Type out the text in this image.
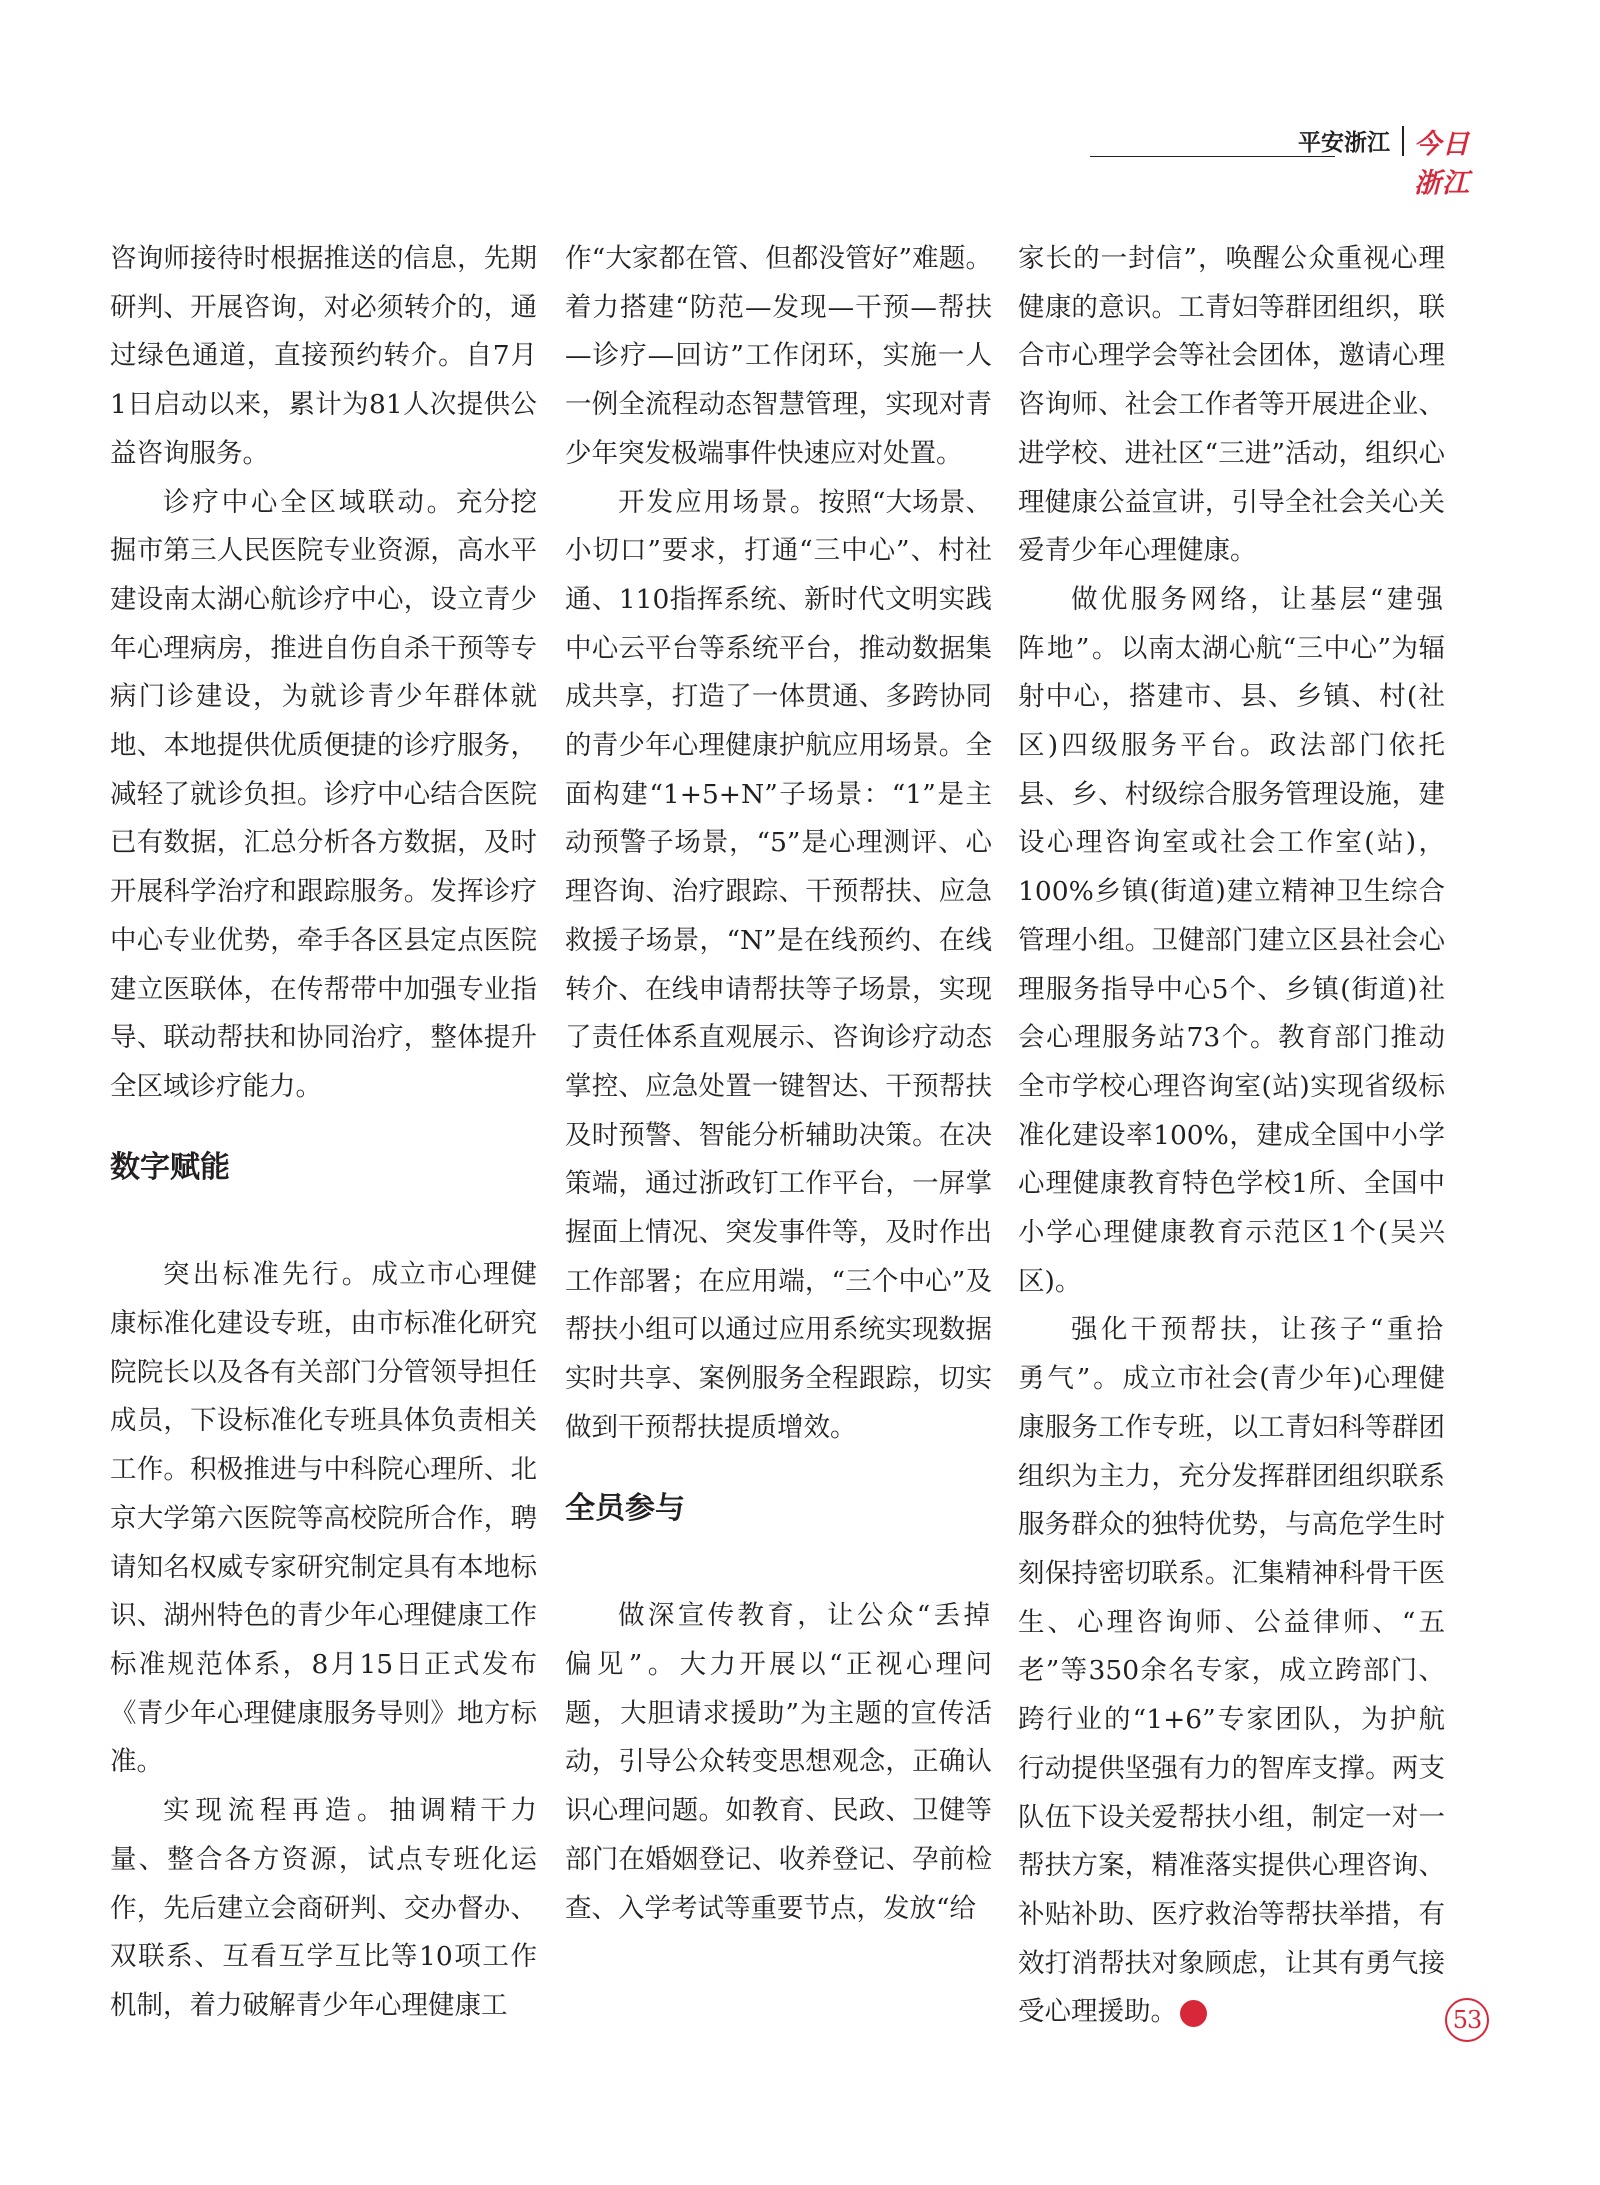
平安浙江 今日浙江

咨询师接待时根据推送的信息，先期研判、开展咨询，对必须转介的，通过绿色通道，直接预约转介。自7月1日启动以来，累计为81人次提供公益咨询服务。

诊疗中心全区域联动。充分挖掘市第三人民医院专业资源，高水平建设南太湖心航诊疗中心，设立青少年心理病房，推进自伤自杀干预等专病门诊建设，为就诊青少年群体就地、本地提供优质便捷的诊疗服务，减轻了就诊负担。诊疗中心结合医院已有数据，汇总分析各方数据，及时开展科学治疗和跟踪服务。发挥诊疗中心专业优势，牵手各区县定点医院建立医联体，在传帮带中加强专业指导、联动帮扶和协同治疗，整体提升全区域诊疗能力。

数字赋能

突出标准先行。成立市心理健康标准化建设专班，由市标准化研究院院长以及各有关部门分管领导担任成员，下设标准化专班具体负责相关工作。积极推进与中科院心理所、北京大学第六医院等高校院所合作，聘请知名权威专家研究制定具有本地标识、湖州特色的青少年心理健康工作标准规范体系，8月15日正式发布《青少年心理健康服务导则》地方标准。

实现流程再造。抽调精干力量、整合各方资源，试点专班化运作，先后建立会商研判、交办督办、双联系、互看互学互比等10项工作机制，着力破解青少年心理健康工

作“大家都在管、但都没管好”难题。着力搭建“防范—发现—干预—帮扶—诊疗—回访”工作闭环，实施一人一例全流程动态智慧管理，实现对青少年突发极端事件快速应对处置。

开发应用场景。按照“大场景、小切口”要求，打通“三中心”、村社通、110指挥系统、新时代文明实践中心云平台等系统平台，推动数据集成共享，打造了一体贯通、多跨协同的青少年心理健康护航应用场景。全面构建“1+5+N”子场景：“1”是主动预警子场景，“5”是心理测评、心理咨询、治疗跟踪、干预帮扶、应急救援子场景，“N”是在线预约、在线转介、在线申请帮扶等子场景，实现了责任体系直观展示、咨询诊疗动态掌控、应急处置一键智达、干预帮扶及时预警、智能分析辅助决策。在决策端，通过浙政钉工作平台，一屏掌握面上情况、突发事件等，及时作出工作部署；在应用端，“三个中心”及帮扶小组可以通过应用系统实现数据实时共享、案例服务全程跟踪，切实做到干预帮扶提质增效。

全员参与

做深宣传教育，让公众“丢掉偏见”。大力开展以“正视心理问题，大胆请求援助”为主题的宣传活动，引导公众转变思想观念，正确认识心理问题。如教育、民政、卫健等部门在婚姻登记、收养登记、孕前检查、入学考试等重要节点，发放“给

家长的一封信”，唤醒公众重视心理健康的意识。工青妇等群团组织，联合市心理学会等社会团体，邀请心理咨询师、社会工作者等开展进企业、进学校、进社区“三进”活动，组织心理健康公益宣讲，引导全社会关心关爱青少年心理健康。

做优服务网络，让基层“建强阵地”。以南太湖心航“三中心”为辐射中心，搭建市、县、乡镇、村(社区)四级服务平台。政法部门依托县、乡、村级综合服务管理设施，建设心理咨询室或社会工作室(站)，100%乡镇(街道)建立精神卫生综合管理小组。卫健部门建立区县社会心理服务指导中心5个、乡镇(街道)社会心理服务站73个。教育部门推动全市学校心理咨询室(站)实现省级标准化建设率100%，建成全国中小学心理健康教育特色学校1所、全国中小学心理健康教育示范区1个(吴兴区)。

强化干预帮扶，让孩子“重拾勇气”。成立市社会(青少年)心理健康服务工作专班，以工青妇科等群团组织为主力，充分发挥群团组织联系服务群众的独特优势，与高危学生时刻保持密切联系。汇集精神科骨干医生、心理咨询师、公益律师、“五老”等350余名专家，成立跨部门、跨行业的“1+6”专家团队，为护航行动提供坚强有力的智库支撑。两支队伍下设关爱帮扶小组，制定一对一帮扶方案，精准落实提供心理咨询、补贴补助、医疗救治等帮扶举措，有效打消帮扶对象顾虑，让其有勇气接受心理援助。	今	53
